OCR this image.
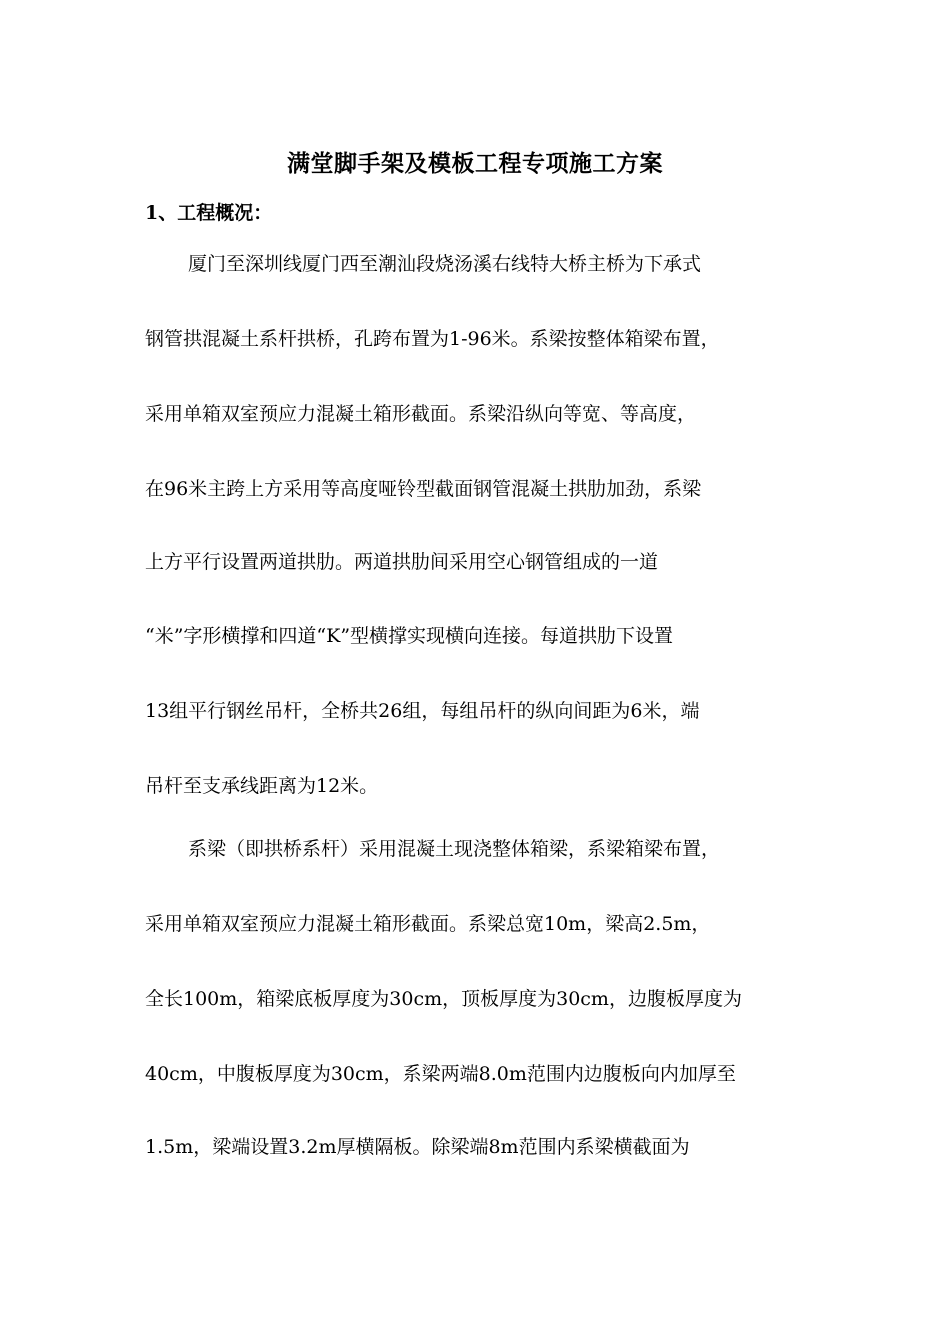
满堂脚手架及模板工程专项施工方案
1、工程概况：
厦门至深圳线厦门西至潮汕段烧汤溪右线特大桥主桥为下承式
钢管拱混凝土系杆拱桥，孔跨布置为1-96米。系梁按整体箱梁布置，
采用单箱双室预应力混凝土箱形截面。系梁沿纵向等宽、等高度，
在96米主跨上方采用等高度哑铃型截面钢管混凝土拱肋加劲，系梁
上方平行设置两道拱肋。两道拱肋间采用空心钢管组成的一道
“米”字形横撑和四道“K”型横撑实现横向连接。每道拱肋下设置
13组平行钢丝吊杆，全桥共26组，每组吊杆的纵向间距为6米，端
吊杆至支承线距离为12米。
系梁（即拱桥系杆）采用混凝土现浇整体箱梁，系梁箱梁布置，
采用单箱双室预应力混凝土箱形截面。系梁总宽10m，梁高2.5m，
全长100m，箱梁底板厚度为30cm，顶板厚度为30cm，边腹板厚度为
40cm，中腹板厚度为30cm，系梁两端8.0m范围内边腹板向内加厚至
1.5m，梁端设置3.2m厚横隔板。除梁端8m范围内系梁横截面为
